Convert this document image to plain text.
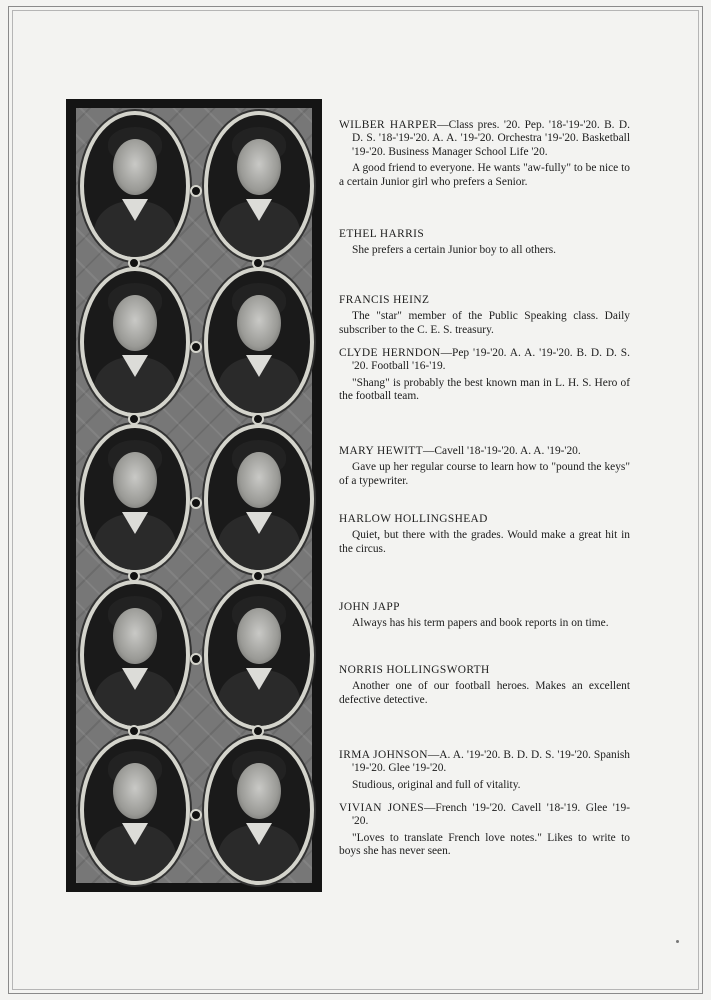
WILBER HARPER—Class pres. '20. Pep. '18-'19-'20. B. D. D. S. '18-'19-'20. A. A. '19-'20. Orchestra '19-'20. Basketball '19-'20. Business Manager School Life '20.
A good friend to everyone. He wants "aw-fully" to be nice to a certain Junior girl who prefers a Senior.
ETHEL HARRIS
She prefers a certain Junior boy to all others.
FRANCIS HEINZ
The "star" member of the Public Speaking class. Daily subscriber to the C. E. S. treasury.
CLYDE HERNDON—Pep '19-'20. A. A. '19-'20. B. D. D. S. '20. Football '16-'19.
"Shang" is probably the best known man in L. H. S. Hero of the football team.
MARY HEWITT—Cavell '18-'19-'20. A. A. '19-'20.
Gave up her regular course to learn how to "pound the keys" of a typewriter.
HARLOW HOLLINGSHEAD
Quiet, but there with the grades. Would make a great hit in the circus.
JOHN JAPP
Always has his term papers and book reports in on time.
NORRIS HOLLINGSWORTH
Another one of our football heroes. Makes an excellent defective detective.
IRMA JOHNSON—A. A. '19-'20. B. D. D. S. '19-'20. Spanish '19-'20. Glee '19-'20.
Studious, original and full of vitality.
VIVIAN JONES—French '19-'20. Cavell '18-'19. Glee '19-'20.
"Loves to translate French love notes." Likes to write to boys she has never seen.
